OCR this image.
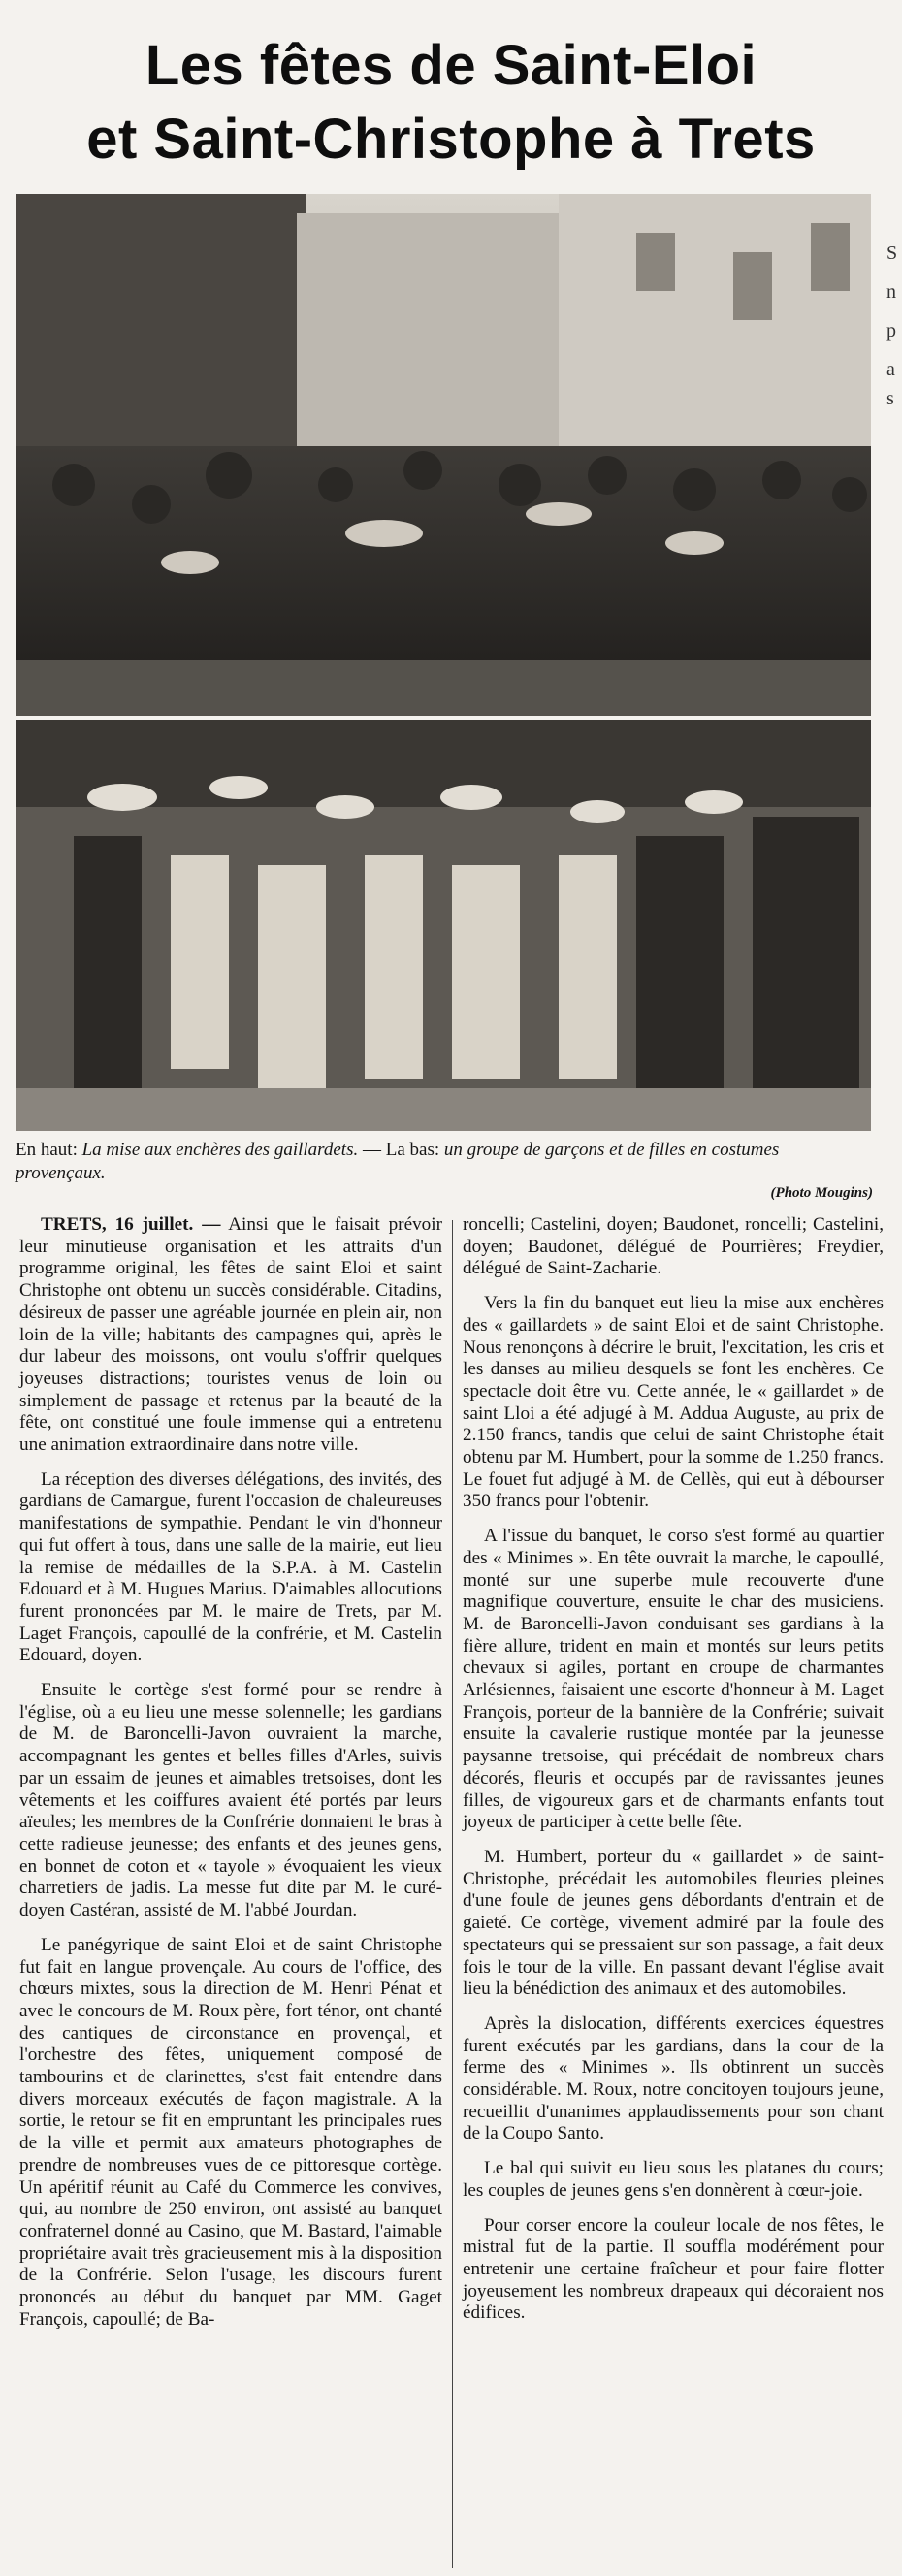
Les fêtes de Saint-Eloi
et Saint-Christophe à Trets
S
n
p
a
s
En haut: La mise aux enchères des gaillardets. — La bas: un groupe de garçons et de filles en costumes provençaux.
(Photo Mougins)

TRETS, 16 juillet. — Ainsi que le faisait prévoir leur minutieuse organisation et les attraits d'un programme original, les fêtes de saint Eloi et saint Christophe ont obtenu un succès considérable. Citadins, désireux de passer une agréable journée en plein air, non loin de la ville; habitants des campagnes qui, après le dur labeur des moissons, ont voulu s'offrir quelques joyeuses distractions; touristes venus de loin ou simplement de passage et retenus par la beauté de la fête, ont constitué une foule immense qui a entretenu une animation extraordinaire dans notre ville.

La réception des diverses délégations, des invités, des gardians de Camargue, furent l'occasion de chaleureuses manifestations de sympathie. Pendant le vin d'honneur qui fut offert à tous, dans une salle de la mairie, eut lieu la remise de médailles de la S.P.A. à M. Castelin Edouard et à M. Hugues Marius. D'aimables allocutions furent prononcées par M. le maire de Trets, par M. Laget François, capoullé de la confrérie, et M. Castelin Edouard, doyen.

Ensuite le cortège s'est formé pour se rendre à l'église, où a eu lieu une messe solennelle; les gardians de M. de Baroncelli-Javon ouvraient la marche, accompagnant les gentes et belles filles d'Arles, suivis par un essaim de jeunes et aimables tretsoises, dont les vêtements et les coiffures avaient été portés par leurs aïeules; les membres de la Confrérie donnaient le bras à cette radieuse jeunesse; des enfants et des jeunes gens, en bonnet de coton et « tayole » évoquaient les vieux charretiers de jadis. La messe fut dite par M. le curé-doyen Castéran, assisté de M. l'abbé Jourdan.

Le panégyrique de saint Eloi et de saint Christophe fut fait en langue provençale. Au cours de l'office, des chœurs mixtes, sous la direction de M. Henri Pénat et avec le concours de M. Roux père, fort ténor, ont chanté des cantiques de circonstance en provençal, et l'orchestre des fêtes, uniquement composé de tambourins et de clarinettes, s'est fait entendre dans divers morceaux exécutés de façon magistrale. A la sortie, le retour se fit en empruntant les principales rues de la ville et permit aux amateurs photographes de prendre de nombreuses vues de ce pittoresque cortège. Un apéritif réunit au Café du Commerce les convives, qui, au nombre de 250 environ, ont assisté au banquet confraternel donné au Casino, que M. Bastard, l'aimable propriétaire avait très gracieusement mis à la disposition de la Confrérie. Selon l'usage, les discours furent prononcés au début du banquet par MM. Gaget François, capoullé; de Ba-

roncelli; Castelini, doyen; Baudonet, roncelli; Castelini, doyen; Baudonet, délégué de Pourrières; Freydier, délégué de Saint-Zacharie.

Vers la fin du banquet eut lieu la mise aux enchères des « gaillardets » de saint Eloi et de saint Christophe. Nous renonçons à décrire le bruit, l'excitation, les cris et les danses au milieu desquels se font les enchères. Ce spectacle doit être vu. Cette année, le « gaillardet » de saint Lloi a été adjugé à M. Addua Auguste, au prix de 2.150 francs, tandis que celui de saint Christophe était obtenu par M. Humbert, pour la somme de 1.250 francs. Le fouet fut adjugé à M. de Cellès, qui eut à débourser 350 francs pour l'obtenir.

A l'issue du banquet, le corso s'est formé au quartier des « Minimes ». En tête ouvrait la marche, le capoullé, monté sur une superbe mule recouverte d'une magnifique couverture, ensuite le char des musiciens. M. de Baroncelli-Javon conduisant ses gardians à la fière allure, trident en main et montés sur leurs petits chevaux si agiles, portant en croupe de charmantes Arlésiennes, faisaient une escorte d'honneur à M. Laget François, porteur de la bannière de la Confrérie; suivait ensuite la cavalerie rustique montée par la jeunesse paysanne tretsoise, qui précédait de nombreux chars décorés, fleuris et occupés par de ravissantes jeunes filles, de vigoureux gars et de charmants enfants tout joyeux de participer à cette belle fête.

M. Humbert, porteur du « gaillardet » de saint-Christophe, précédait les automobiles fleuries pleines d'une foule de jeunes gens débordants d'entrain et de gaieté. Ce cortège, vivement admiré par la foule des spectateurs qui se pressaient sur son passage, a fait deux fois le tour de la ville. En passant devant l'église avait lieu la bénédiction des animaux et des automobiles.

Après la dislocation, différents exercices équestres furent exécutés par les gardians, dans la cour de la ferme des « Minimes ». Ils obtinrent un succès considérable. M. Roux, notre concitoyen toujours jeune, recueillit d'unanimes applaudissements pour son chant de la Coupo Santo.

Le bal qui suivit eu lieu sous les platanes du cours; les couples de jeunes gens s'en donnèrent à cœur-joie.

Pour corser encore la couleur locale de nos fêtes, le mistral fut de la partie. Il souffla modérément pour entretenir une certaine fraîcheur et pour faire flotter joyeusement les nombreux drapeaux qui décoraient nos édifices.
